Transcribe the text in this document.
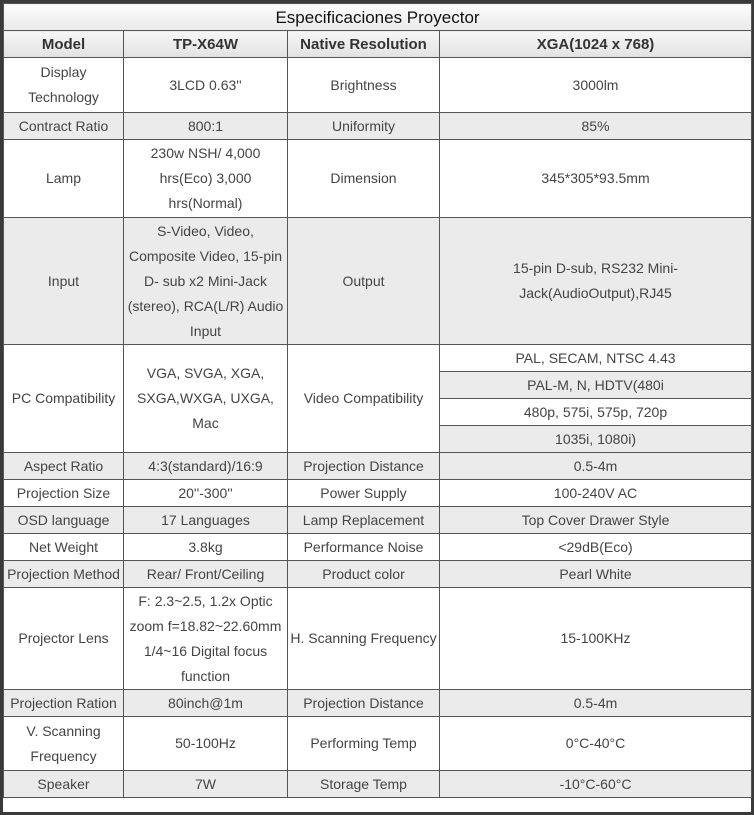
Especificaciones Proyector			
Model	TP-X64W	Native Resolution	XGA(1024 x 768)
Display Technology	3LCD 0.63''	Brightness	3000lm
Contract Ratio	800:1	Uniformity	85%
Lamp	230w NSH/ 4,000 hrs(Eco) 3,000 hrs(Normal)	Dimension	345*305*93.5mm
Input	S-Video, Video, Composite Video, 15-pin D- sub x2 Mini-Jack (stereo), RCA(L/R) Audio Input	Output	15-pin D-sub, RS232 Mini-Jack(AudioOutput),RJ45
PC Compatibility	VGA, SVGA, XGA, SXGA,WXGA, UXGA, Mac	Video Compatibility	PAL, SECAM, NTSC 4.43
			PAL-M, N, HDTV(480i
			480p, 575i, 575p, 720p
			1035i, 1080i)
Aspect Ratio	4:3(standard)/16:9	Projection Distance	0.5-4m
Projection Size	20''-300''	Power Supply	100-240V AC
OSD language	17 Languages	Lamp Replacement	Top Cover Drawer Style
Net Weight	3.8kg	Performance Noise	<29dB(Eco)
Projection Method	Rear/ Front/Ceiling	Product color	Pearl White
Projector Lens	F: 2.3~2.5, 1.2x Optic zoom f=18.82~22.60mm 1/4~16 Digital focus function	H. Scanning Frequency	15-100KHz
Projection Ration	80inch@1m	Projection Distance	0.5-4m
V. Scanning Frequency	50-100Hz	Performing Temp	0°C-40°C
Speaker	7W	Storage Temp	-10°C-60°C
